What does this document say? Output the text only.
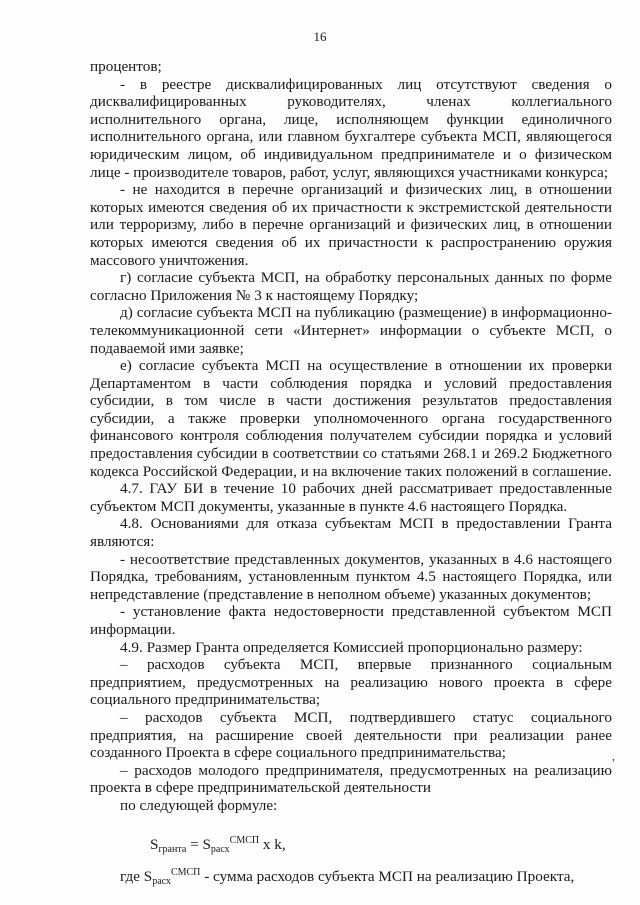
16

процентов;

- в реестре дисквалифицированных лиц отсутствуют сведения о дисквалифицированных руководителях, членах коллегиального исполнительного органа, лице, исполняющем функции единоличного исполнительного органа, или главном бухгалтере субъекта МСП, являющегося юридическим лицом, об индивидуальном предпринимателе и о физическом лице - производителе товаров, работ, услуг, являющихся участниками конкурса;

- не находится в перечне организаций и физических лиц, в отношении которых имеются сведения об их причастности к экстремистской деятельности или терроризму, либо в перечне организаций и физических лиц, в отношении которых имеются сведения об их причастности к распространению оружия массового уничтожения.

г) согласие субъекта МСП, на обработку персональных данных по форме согласно Приложения № 3 к настоящему Порядку;

д) согласие субъекта МСП на публикацию (размещение) в информационно-телекоммуникационной сети «Интернет» информации о субъекте МСП, о подаваемой ими заявке;

е) согласие субъекта МСП на осуществление в отношении их проверки Департаментом в части соблюдения порядка и условий предоставления субсидии, в том числе в части достижения результатов предоставления субсидии, а также проверки уполномоченного органа государственного финансового контроля соблюдения получателем субсидии порядка и условий предоставления субсидии в соответствии со статьями 268.1 и 269.2 Бюджетного кодекса Российской Федерации, и на включение таких положений в соглашение.

4.7. ГАУ БИ в течение 10 рабочих дней рассматривает предоставленные субъектом МСП документы, указанные в пункте 4.6 настоящего Порядка.

4.8. Основаниями для отказа субъектам МСП в предоставлении Гранта являются:

- несоответствие представленных документов, указанных в 4.6 настоящего Порядка, требованиям, установленным пунктом 4.5 настоящего Порядка, или непредставление (представление в неполном объеме) указанных документов;

- установление факта недостоверности представленной субъектом МСП информации.

4.9. Размер Гранта определяется Комиссией пропорционально размеру:

– расходов субъекта МСП, впервые признанного социальным предприятием, предусмотренных на реализацию нового проекта в сфере социального предпринимательства;

– расходов субъекта МСП, подтвердившего статус социального предприятия, на расширение своей деятельности при реализации ранее созданного Проекта в сфере социального предпринимательства;

– расходов молодого предпринимателя, предусмотренных на реализацию проекта в сфере предпринимательской деятельности

по следующей формуле:

$S_{гранта} = S_{расх}^{СМСП}$ x k,

где $S_{расх}^{СМСП}$ - сумма расходов субъекта МСП на реализацию Проекта,

,
